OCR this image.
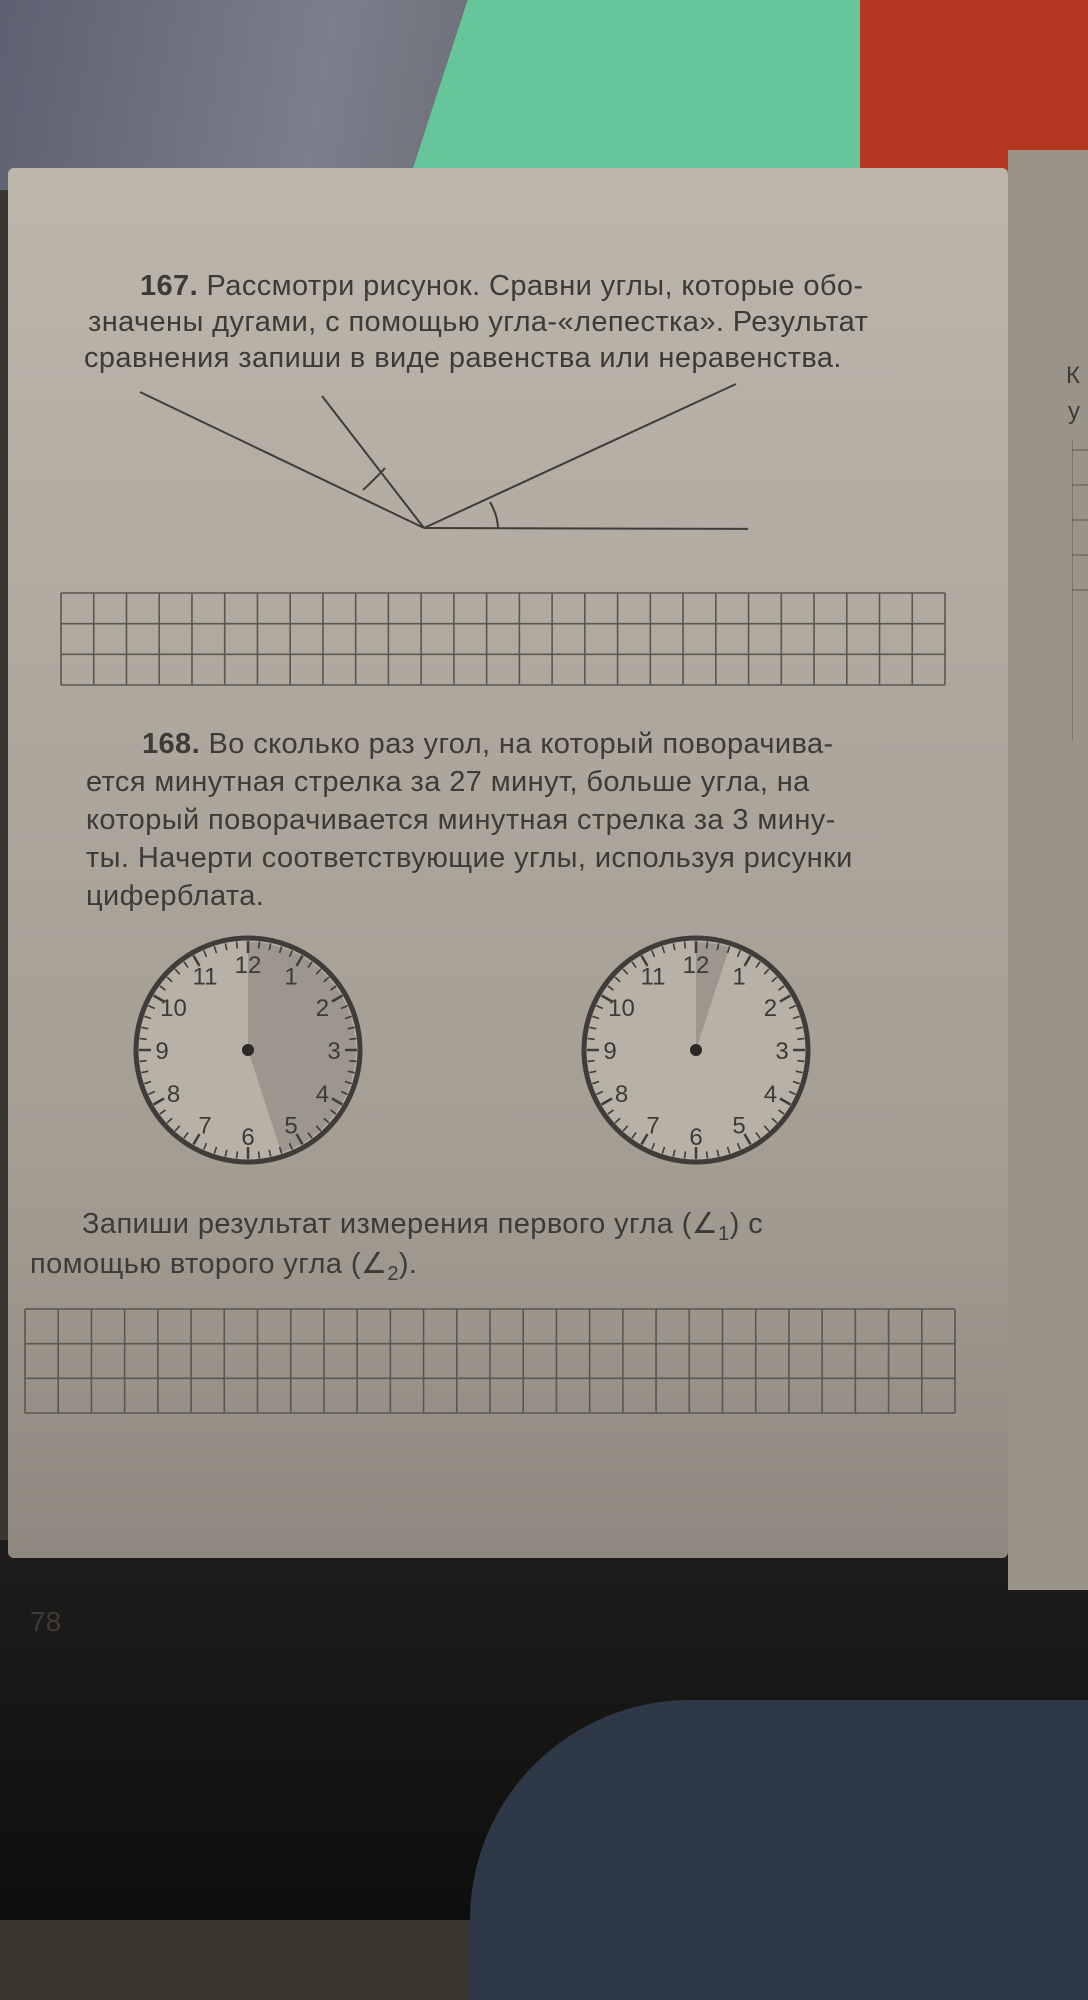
К
у

167. Рассмотри рисунок. Сравни углы, которые обо-

значены дугами, с помощью угла-«лепестка». Результат

сравнения запиши в виде равенства или неравенства.

168. Во сколько раз угол, на который поворачива-

ется минутная стрелка за 27 минут, больше угла, на

который поворачивается минутная стрелка за 3 мину-

ты. Начерти соответствующие углы, используя рисунки

циферблата.

12 1
2
3
4
5
6
7
8
9
10
11	12 1
2
3
4
5
6
7
8
9
10
11

Запиши результат измерения первого угла $(\angle_1)$ с

помощью второго угла $(\angle_2)$.

78
